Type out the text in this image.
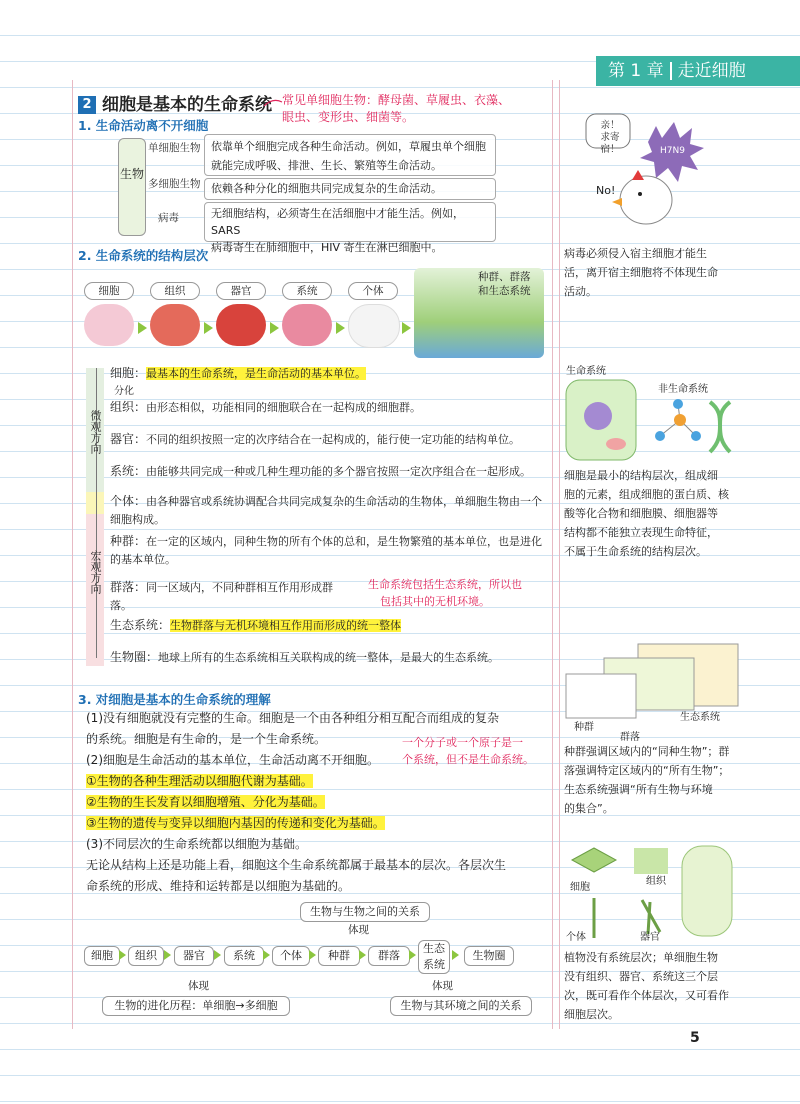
第 1 章 走近细胞
2 细胞是基本的生命系统 常见单细胞生物：酵母菌、草履虫、衣藻、
眼虫、变形虫、细菌等。
1. 生命活动离不开细胞
生物
单细胞生物
多细胞生物
病毒
依靠单个细胞完成各种生命活动。例如，草履虫单个细胞
就能完成呼吸、排泄、生长、繁殖等生命活动。
依赖各种分化的细胞共同完成复杂的生命活动。
无细胞结构，必须寄生在活细胞中才能生活。例如，SARS
病毒寄生在肺细胞中，HIV 寄生在淋巴细胞中。
No!
亲！
求寄宿！	H7N9
病毒必须侵入宿主细胞才能生
活，离开宿主细胞将不体现生命
活动。
2. 生命系统的结构层次
细胞	组织	器官	系统	个体
种群、群落
和生态系统
微观方向
宏观方向
细胞：最基本的生命系统，是生命活动的基本单位。
分化
组织：由形态相似，功能相同的细胞联合在一起构成的细胞群。
器官：不同的组织按照一定的次序结合在一起构成的，能行使一定功能的结构单位。
系统：由能够共同完成一种或几种生理功能的多个器官按照一定次序组合在一起形成。
个体：由各种器官或系统协调配合共同完成复杂的生命活动的生物体，单细胞生物由一个细胞构成。
种群：在一定的区域内，同种生物的所有个体的总和，是生物繁殖的基本单位，也是进化的基本单位。
群落：同一区域内，不同种群相互作用形成群落。
生命系统包括生态系统，所以也
包括其中的无机环境。
生态系统：生物群落与无机环境相互作用而形成的统一整体
生物圈：地球上所有的生态系统相互关联构成的统一整体，是最大的生态系统。
生命系统
非生命系统
细胞是最小的结构层次，组成细
胞的元素，组成细胞的蛋白质、核
酸等化合物和细胞膜、细胞器等
结构都不能独立表现生命特征，
不属于生命系统的结构层次。
种群
群落
生态系统
种群强调区域内的“同种生物”；群
落强调特定区域内的“所有生物”；
生态系统强调“所有生物与环境
的集合”。
3. 对细胞是基本的生命系统的理解
(1)没有细胞就没有完整的生命。细胞是一个由各种组分相互配合而组成的复杂
的系统。细胞是有生命的，是一个生命系统。
(2)细胞是生命活动的基本单位，生命活动离不开细胞。
①生物的各种生理活动以细胞代谢为基础。
②生物的生长发育以细胞增殖、分化为基础。
③生物的遗传与变异以细胞内基因的传递和变化为基础。
(3)不同层次的生命系统都以细胞为基础。
无论从结构上还是功能上看，细胞这个生命系统都属于最基本的层次。各层次生
命系统的形成、维持和运转都是以细胞为基础的。
一个分子或一个原子是一
个系统，但不是生命系统。
生物与生物之间的关系
体现
细胞	组织	器官	系统	个体	种群	群落
生态系统
生物圈
体现	体现
生物的进化历程：单细胞→多细胞	生物与其环境之间的关系
细胞
组织
个体	器官
植物没有系统层次；单细胞生物
没有组织、器官、系统这三个层
次，既可看作个体层次，又可看作
细胞层次。
5
